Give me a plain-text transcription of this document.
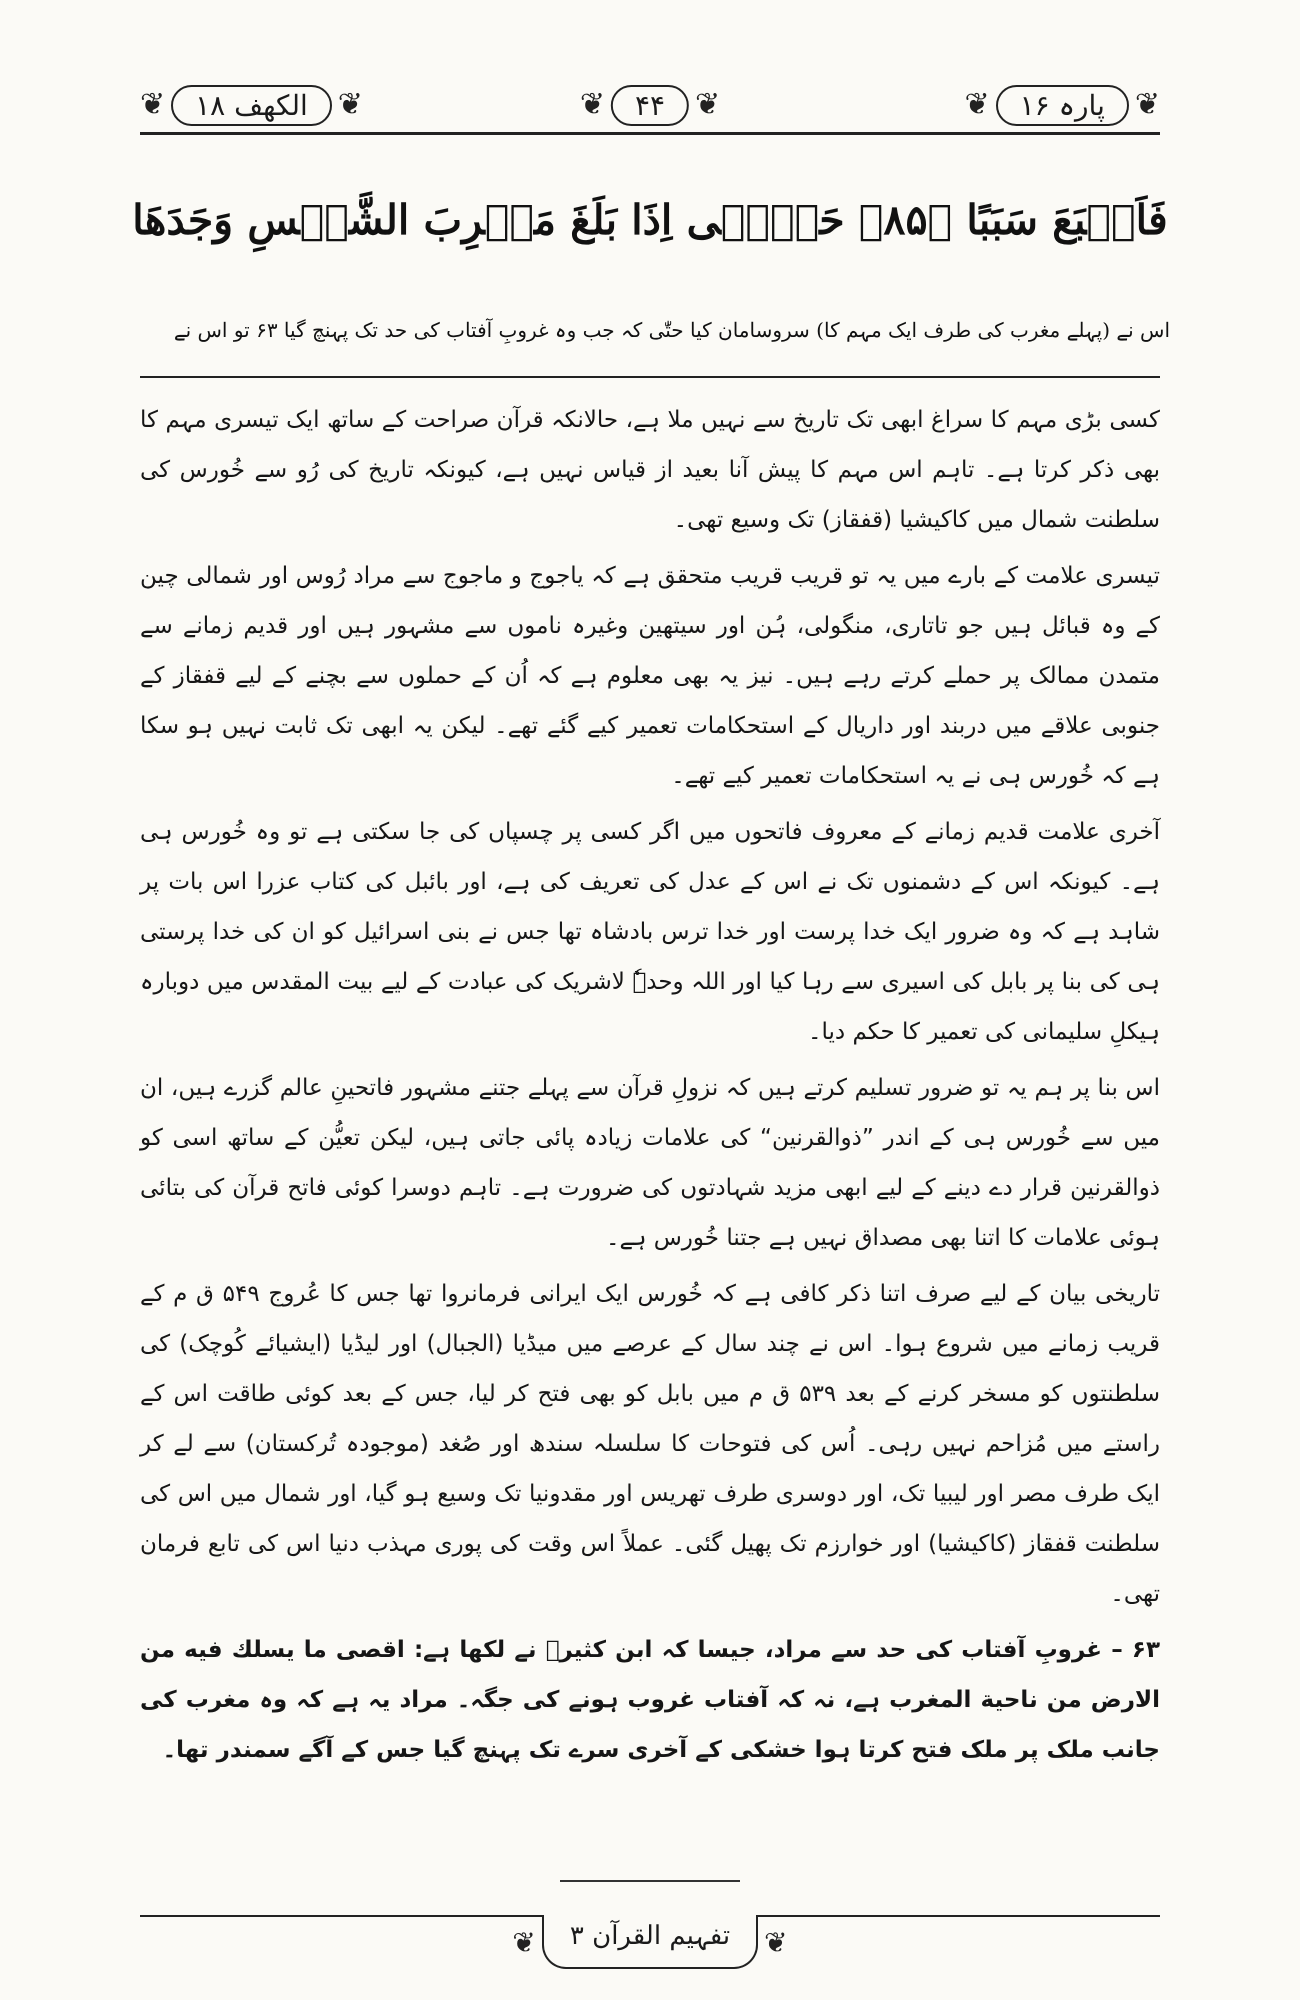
❦	پارہ ۱۶	❦
❦	۴۴	❦
❦	الکھف ۱۸	❦
فَاَتۡبَعَ سَبَبًا ﴿۸۵﴾ حَتّٰۤى اِذَا بَلَغَ مَغۡرِبَ الشَّمۡسِ وَجَدَهَا
اس نے (پہلے مغرب کی طرف ایک مہم کا) سروسامان کیا حتّٰی کہ جب وہ غروبِ آفتاب کی حد تک پہنچ گیا ۶۳ تو اس نے

کسی بڑی مہم کا سراغ ابھی تک تاریخ سے نہیں ملا ہے، حالانکہ قرآن صراحت کے ساتھ ایک تیسری مہم کا بھی ذکر کرتا ہے۔ تاہم اس مہم کا پیش آنا بعید از قیاس نہیں ہے، کیونکہ تاریخ کی رُو سے خُورس کی سلطنت شمال میں کاکیشیا (قفقاز) تک وسیع تھی۔

تیسری علامت کے بارے میں یہ تو قریب قریب متحقق ہے کہ یاجوج و ماجوج سے مراد رُوس اور شمالی چین کے وہ قبائل ہیں جو تاتاری، منگولی، ہُن اور سیتھین وغیرہ ناموں سے مشہور ہیں اور قدیم زمانے سے متمدن ممالک پر حملے کرتے رہے ہیں۔ نیز یہ بھی معلوم ہے کہ اُن کے حملوں سے بچنے کے لیے قفقاز کے جنوبی علاقے میں دربند اور داریال کے استحکامات تعمیر کیے گئے تھے۔ لیکن یہ ابھی تک ثابت نہیں ہو سکا ہے کہ خُورس ہی نے یہ استحکامات تعمیر کیے تھے۔

آخری علامت قدیم زمانے کے معروف فاتحوں میں اگر کسی پر چسپاں کی جا سکتی ہے تو وہ خُورس ہی ہے۔ کیونکہ اس کے دشمنوں تک نے اس کے عدل کی تعریف کی ہے، اور بائبل کی کتاب عزرا اس بات پر شاہد ہے کہ وہ ضرور ایک خدا پرست اور خدا ترس بادشاہ تھا جس نے بنی اسرائیل کو ان کی خدا پرستی ہی کی بنا پر بابل کی اسیری سے رہا کیا اور اللہ وحدہٗ لاشریک کی عبادت کے لیے بیت المقدس میں دوبارہ ہیکلِ سلیمانی کی تعمیر کا حکم دیا۔

اس بنا پر ہم یہ تو ضرور تسلیم کرتے ہیں کہ نزولِ قرآن سے پہلے جتنے مشہور فاتحینِ عالم گزرے ہیں، ان میں سے خُورس ہی کے اندر ”ذوالقرنین“ کی علامات زیادہ پائی جاتی ہیں، لیکن تعیُّن کے ساتھ اسی کو ذوالقرنین قرار دے دینے کے لیے ابھی مزید شہادتوں کی ضرورت ہے۔ تاہم دوسرا کوئی فاتح قرآن کی بتائی ہوئی علامات کا اتنا بھی مصداق نہیں ہے جتنا خُورس ہے۔

تاریخی بیان کے لیے صرف اتنا ذکر کافی ہے کہ خُورس ایک ایرانی فرمانروا تھا جس کا عُروج ۵۴۹ ق م کے قریب زمانے میں شروع ہوا۔ اس نے چند سال کے عرصے میں میڈیا (الجبال) اور لیڈیا (ایشیائے کُوچک) کی سلطنتوں کو مسخر کرنے کے بعد ۵۳۹ ق م میں بابل کو بھی فتح کر لیا، جس کے بعد کوئی طاقت اس کے راستے میں مُزاحم نہیں رہی۔ اُس کی فتوحات کا سلسلہ سندھ اور صُغد (موجودہ تُرکستان) سے لے کر ایک طرف مصر اور لیبیا تک، اور دوسری طرف تھریس اور مقدونیا تک وسیع ہو گیا، اور شمال میں اس کی سلطنت قفقاز (کاکیشیا) اور خوارزم تک پھیل گئی۔ عملاً اس وقت کی پوری مہذب دنیا اس کی تابع فرمان تھی۔

۶۳ – غروبِ آفتاب کی حد سے مراد، جیسا کہ ابن کثیرؒ نے لکھا ہے: اقصی ما یسلك فیه من الارض من ناحیة المغرب ہے، نہ کہ آفتاب غروب ہونے کی جگہ۔ مراد یہ ہے کہ وہ مغرب کی جانب ملک پر ملک فتح کرتا ہوا خشکی کے آخری سرے تک پہنچ گیا جس کے آگے سمندر تھا۔

❦	تفہیم القرآن ۳	❦
